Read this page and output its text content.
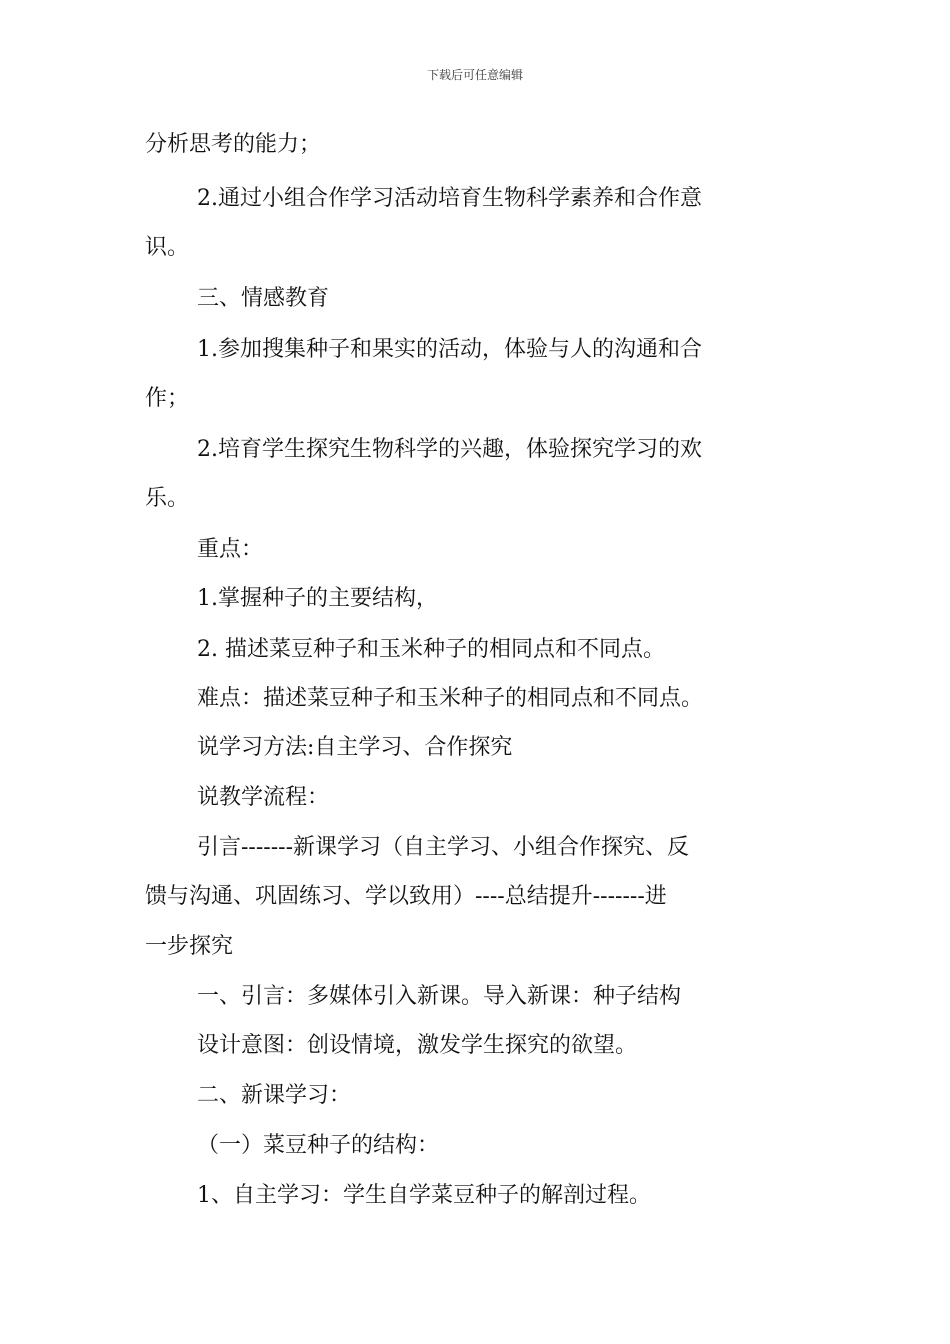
下载后可任意编辑
分析思考的能力；
2.通过小组合作学习活动培育生物科学素养和合作意
识。
三、情感教育
1.参加搜集种子和果实的活动，体验与人的沟通和合
作；
2.培育学生探究生物科学的兴趣，体验探究学习的欢
乐。
重点：
1.掌握种子的主要结构，
2. 描述菜豆种子和玉米种子的相同点和不同点。
难点：描述菜豆种子和玉米种子的相同点和不同点。
说学习方法:自主学习、合作探究
说教学流程：
引言-------新课学习（自主学习、小组合作探究、反
馈与沟通、巩固练习、学以致用）----总结提升-------进
一步探究
一、引言：多媒体引入新课。导入新课：种子结构
设计意图：创设情境，激发学生探究的欲望。
二、新课学习：
（一）菜豆种子的结构：
1、自主学习：学生自学菜豆种子的解剖过程。
